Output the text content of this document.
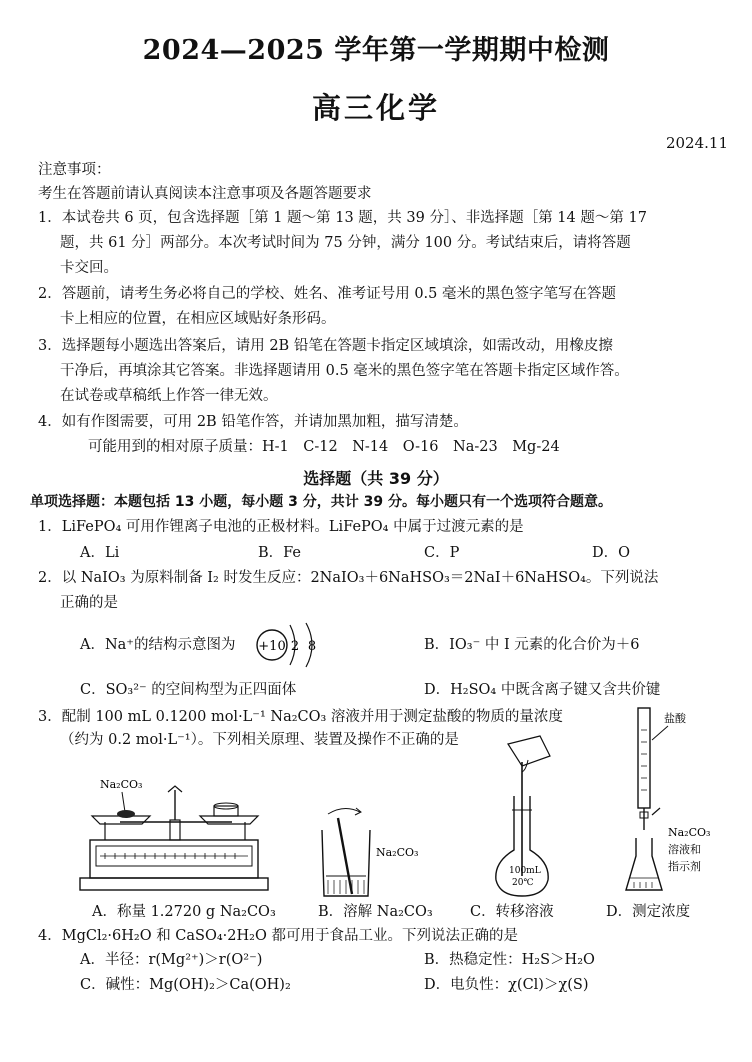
2024—2025 学年第一学期期中检测
高三化学
2024.11
注意事项：
考生在答题前请认真阅读本注意事项及各题答题要求
1．本试卷共 6 页，包含选择题［第 1 题～第 13 题，共 39 分］、非选择题［第 14 题～第 17
题，共 61 分］两部分。本次考试时间为 75 分钟，满分 100 分。考试结束后，请将答题
卡交回。
2．答题前，请考生务必将自己的学校、姓名、准考证号用 0.5 毫米的黑色签字笔写在答题
卡上相应的位置，在相应区域贴好条形码。
3．选择题每小题选出答案后，请用 2B 铅笔在答题卡指定区域填涂，如需改动，用橡皮擦
干净后，再填涂其它答案。非选择题请用 0.5 毫米的黑色签字笔在答题卡指定区域作答。
在试卷或草稿纸上作答一律无效。
4．如有作图需要，可用 2B 铅笔作答，并请加黑加粗，描写清楚。
可能用到的相对原子质量：H-1　C-12　N-14　O-16　Na-23　Mg-24
选择题（共 39 分）
单项选择题：本题包括 13 小题，每小题 3 分，共计 39 分。每小题只有一个选项符合题意。
1．LiFePO₄ 可用作锂离子电池的正极材料。LiFePO₄ 中属于过渡元素的是
A．Li	B．Fe	C．P	D．O
2．以 NaIO₃ 为原料制备 I₂ 时发生反应：2NaIO₃＋6NaHSO₃＝2NaI＋6NaHSO₄。下列说法
正确的是
A．Na⁺的结构示意图为 +10 2 8	B．IO₃⁻ 中 I 元素的化合价为＋6
C．SO₃²⁻ 的空间构型为正四面体	D．H₂SO₄ 中既含离子键又含共价键
3．配制 100 mL 0.1200 mol·L⁻¹ Na₂CO₃ 溶液并用于测定盐酸的物质的量浓度
（约为 0.2 mol·L⁻¹）。下列相关原理、装置及操作不正确的是
Na₂CO₃
Na₂CO₃
100mL
20℃
盐酸
Na₂CO₃
溶液和
指示剂
A．称量 1.2720 g Na₂CO₃	B．溶解 Na₂CO₃	C．转移溶液	D．测定浓度
4．MgCl₂·6H₂O 和 CaSO₄·2H₂O 都可用于食品工业。下列说法正确的是
A．半径：r(Mg²⁺)＞r(O²⁻)	B．热稳定性：H₂S＞H₂O
C．碱性：Mg(OH)₂＞Ca(OH)₂	D．电负性：χ(Cl)＞χ(S)
